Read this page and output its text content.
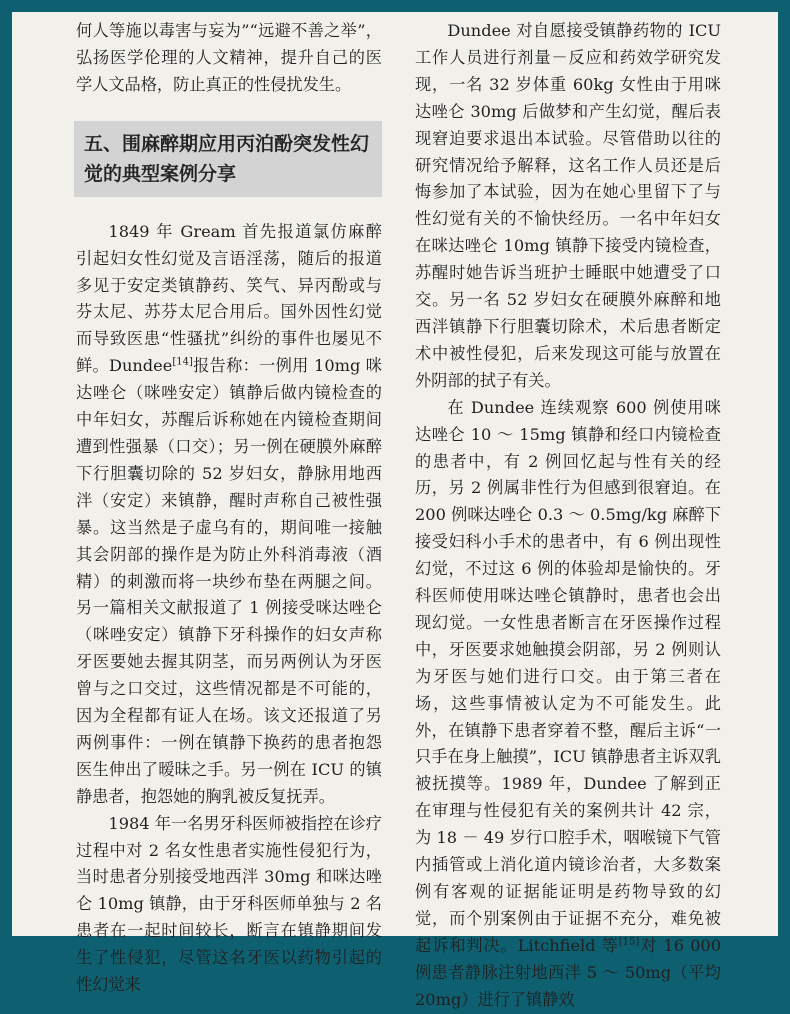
何人等施以毒害与妄为”“远避不善之举”，弘扬医学伦理的人文精神，提升自己的医学人文品格，防止真正的性侵扰发生。

五、围麻醉期应用丙泊酚突发性幻觉的典型案例分享

1849 年 Gream 首先报道氯仿麻醉引起妇女性幻觉及言语淫荡，随后的报道多见于安定类镇静药、笑气、异丙酚或与芬太尼、苏芬太尼合用后。国外因性幻觉而导致医患“性骚扰”纠纷的事件也屡见不鲜。Dundee[14]报告称：一例用 10mg 咪达唑仑（咪唑安定）镇静后做内镜检查的中年妇女，苏醒后诉称她在内镜检查期间遭到性强暴（口交）；另一例在硬膜外麻醉下行胆囊切除的 52 岁妇女，静脉用地西泮（安定）来镇静，醒时声称自己被性强暴。这当然是子虚乌有的，期间唯一接触其会阴部的操作是为防止外科消毒液（酒精）的刺激而将一块纱布垫在两腿之间。另一篇相关文献报道了 1 例接受咪达唑仑（咪唑安定）镇静下牙科操作的妇女声称牙医要她去握其阴茎，而另两例认为牙医曾与之口交过，这些情况都是不可能的，因为全程都有证人在场。该文还报道了另两例事件：一例在镇静下换药的患者抱怨医生伸出了暧昧之手。另一例在 ICU 的镇静患者，抱怨她的胸乳被反复抚弄。

1984 年一名男牙科医师被指控在诊疗过程中对 2 名女性患者实施性侵犯行为，当时患者分别接受地西泮 30mg 和咪达唑仑 10mg 镇静，由于牙科医师单独与 2 名患者在一起时间较长，断言在镇静期间发生了性侵犯，尽管这名牙医以药物引起的性幻觉来

Dundee 对自愿接受镇静药物的 ICU 工作人员进行剂量－反应和药效学研究发现，一名 32 岁体重 60kg 女性由于用咪达唑仑 30mg 后做梦和产生幻觉，醒后表现窘迫要求退出本试验。尽管借助以往的研究情况给予解释，这名工作人员还是后悔参加了本试验，因为在她心里留下了与性幻觉有关的不愉快经历。一名中年妇女在咪达唑仑 10mg 镇静下接受内镜检查，苏醒时她告诉当班护士睡眠中她遭受了口交。另一名 52 岁妇女在硬膜外麻醉和地西泮镇静下行胆囊切除术，术后患者断定术中被性侵犯，后来发现这可能与放置在外阴部的拭子有关。

在 Dundee 连续观察 600 例使用咪达唑仑 10 ～ 15mg 镇静和经口内镜检查的患者中，有 2 例回忆起与性有关的经历，另 2 例属非性行为但感到很窘迫。在 200 例咪达唑仑 0.3 ～ 0.5mg/kg 麻醉下接受妇科小手术的患者中，有 6 例出现性幻觉，不过这 6 例的体验却是愉快的。牙科医师使用咪达唑仑镇静时，患者也会出现幻觉。一女性患者断言在牙医操作过程中，牙医要求她触摸会阴部，另 2 例则认为牙医与她们进行口交。由于第三者在场，这些事情被认定为不可能发生。此外，在镇静下患者穿着不整，醒后主诉“一只手在身上触摸”，ICU 镇静患者主诉双乳被抚摸等。1989 年，Dundee 了解到正在审理与性侵犯有关的案例共计 42 宗，为 18 － 49 岁行口腔手术，咽喉镜下气管内插管或上消化道内镜诊治者，大多数案例有客观的证据能证明是药物导致的幻觉，而个别案例由于证据不充分，难免被起诉和判决。Litchfield 等[15]对 16 000 例患者静脉注射地西泮 5 ～ 50mg（平均 20mg）进行了镇静效
